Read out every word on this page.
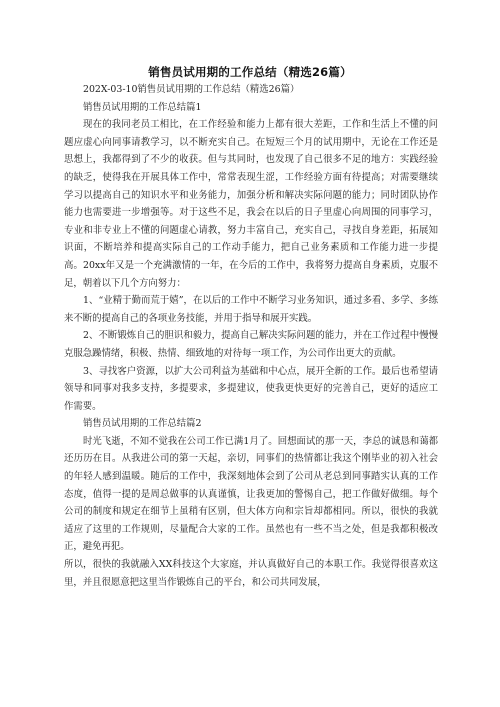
销售员试用期的工作总结（精选26篇）

202X-03-10销售员试用期的工作总结（精选26篇）

销售员试用期的工作总结篇1

现在的我同老员工相比，在工作经验和能力上都有很大差距，工作和生活上不懂的问题应虚心向同事请教学习，以不断充实自己。在短短三个月的试用期中，无论在工作还是思想上，我都得到了不少的收获。但与其同时，也发现了自己很多不足的地方：实践经验的缺乏，使得我在开展具体工作中，常常表现生涩，工作经验方面有待提高；对需要继续学习以提高自己的知识水平和业务能力，加强分析和解决实际问题的能力；同时团队协作能力也需要进一步增强等。对于这些不足，我会在以后的日子里虚心向周围的同事学习，专业和非专业上不懂的问题虚心请教，努力丰富自己，充实自己，寻找自身差距，拓展知识面，不断培养和提高实际自己的工作动手能力，把自己业务素质和工作能力进一步提高。20xx年又是一个充满激情的一年，在今后的工作中，我将努力提高自身素质，克服不足，朝着以下几个方向努力：

1、“业精于勤而荒于嬉”，在以后的工作中不断学习业务知识，通过多看、多学、多练来不断的提高自己的各项业务技能，并用于指导和展开实践。

2、不断锻炼自己的胆识和毅力，提高自己解决实际问题的能力，并在工作过程中慢慢克服急躁情绪，积极、热情、细致地的对待每一项工作，为公司作出更大的贡献。

3、寻找客户资源，以扩大公司利益为基础和中心点，展开全新的工作。最后也希望请领导和同事对我多支持，多提要求，多提建议，使我更快更好的完善自己，更好的适应工作需要。

销售员试用期的工作总结篇2

时光飞逝，不知不觉我在公司工作已满1月了。回想面试的那一天，李总的诚恳和蔼都还历历在目。从我进公司的第一天起，亲切，同事们的热情都让我这个刚毕业的初入社会的年轻人感到温暖。随后的工作中，我深刻地体会到了公司从老总到同事踏实认真的工作态度，值得一提的是周总做事的认真谨慎，让我更加的警惕自己，把工作做好做细。每个公司的制度和规定在细节上虽稍有区别，但大体方向和宗旨却都相同。所以，很快的我就适应了这里的工作规则，尽量配合大家的工作。虽然也有一些不当之处，但是我都积极改正，避免再犯。

所以，很快的我就融入XX科技这个大家庭，并认真做好自己的本职工作。我觉得很喜欢这里，并且很愿意把这里当作锻炼自己的平台，和公司共同发展，
